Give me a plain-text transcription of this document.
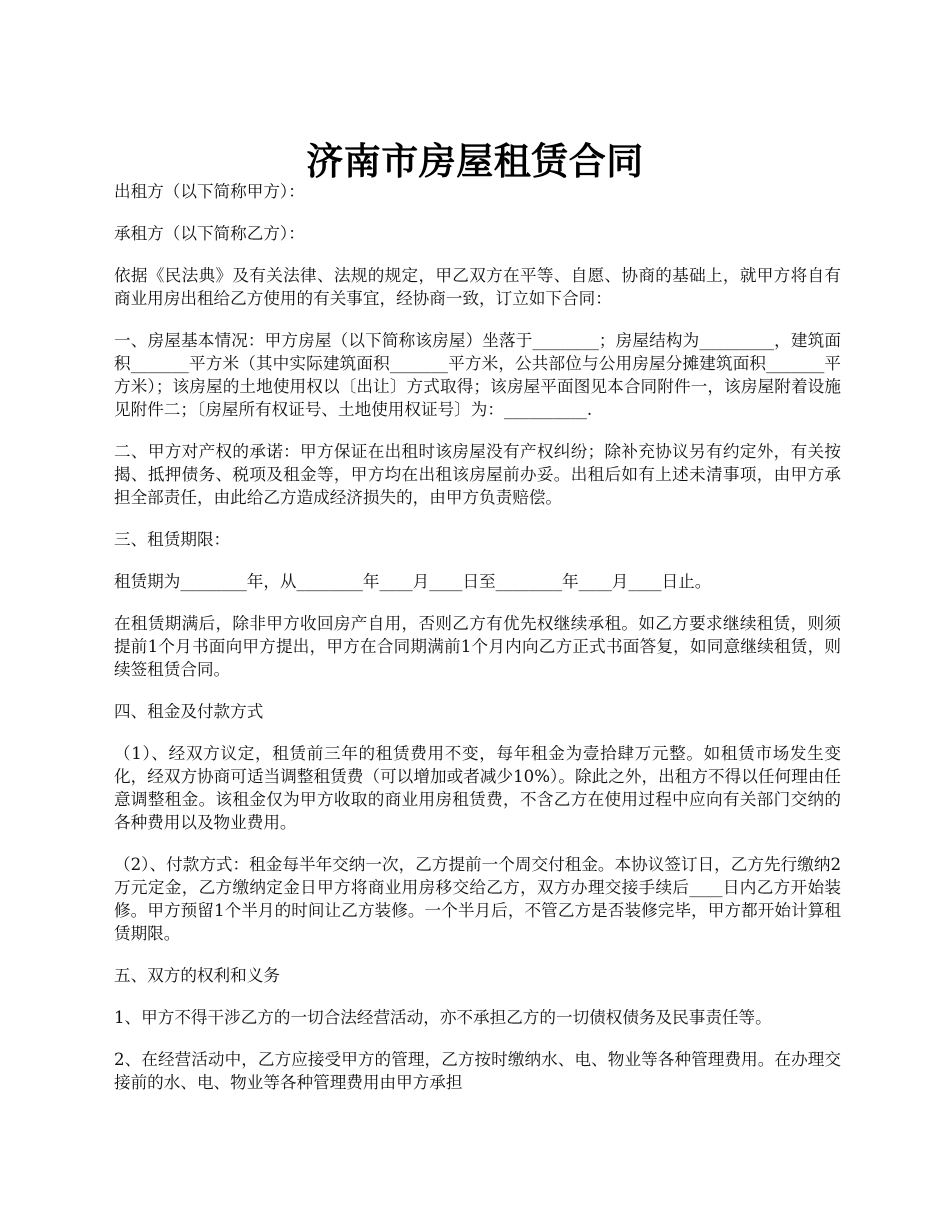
济南市房屋租赁合同

出租方（以下简称甲方）：

承租方（以下简称乙方）：

依据《民法典》及有关法律、法规的规定，甲乙双方在平等、自愿、协商的基础上，就甲方将自有商业用房出租给乙方使用的有关事宜，经协商一致，订立如下合同：

一、房屋基本情况：甲方房屋（以下简称该房屋）坐落于________；房屋结构为_________，建筑面积_______平方米（其中实际建筑面积_______平方米，公共部位与公用房屋分摊建筑面积_______平方米）；该房屋的土地使用权以〔出让〕方式取得；该房屋平面图见本合同附件一，该房屋附着设施见附件二；〔房屋所有权证号、土地使用权证号〕为：__________.

二、甲方对产权的承诺：甲方保证在出租时该房屋没有产权纠纷；除补充协议另有约定外，有关按揭、抵押债务、税项及租金等，甲方均在出租该房屋前办妥。出租后如有上述未清事项，由甲方承担全部责任，由此给乙方造成经济损失的，由甲方负责赔偿。

三、租赁期限：

租赁期为________年，从________年____月____日至________年____月____日止。

在租赁期满后，除非甲方收回房产自用，否则乙方有优先权继续承租。如乙方要求继续租赁，则须提前1个月书面向甲方提出，甲方在合同期满前1个月内向乙方正式书面答复，如同意继续租赁，则续签租赁合同。

四、租金及付款方式

（1）、经双方议定，租赁前三年的租赁费用不变，每年租金为壹拾肆万元整。如租赁市场发生变化，经双方协商可适当调整租赁费（可以增加或者减少10%）。除此之外，出租方不得以任何理由任意调整租金。该租金仅为甲方收取的商业用房租赁费，不含乙方在使用过程中应向有关部门交纳的各种费用以及物业费用。

（2）、付款方式：租金每半年交纳一次，乙方提前一个周交付租金。本协议签订日，乙方先行缴纳2万元定金，乙方缴纳定金日甲方将商业用房移交给乙方，双方办理交接手续后____日内乙方开始装修。甲方预留1个半月的时间让乙方装修。一个半月后，不管乙方是否装修完毕，甲方都开始计算租赁期限。

五、双方的权利和义务

1、甲方不得干涉乙方的一切合法经营活动，亦不承担乙方的一切债权债务及民事责任等。

2、在经营活动中，乙方应接受甲方的管理，乙方按时缴纳水、电、物业等各种管理费用。在办理交接前的水、电、物业等各种管理费用由甲方承担
